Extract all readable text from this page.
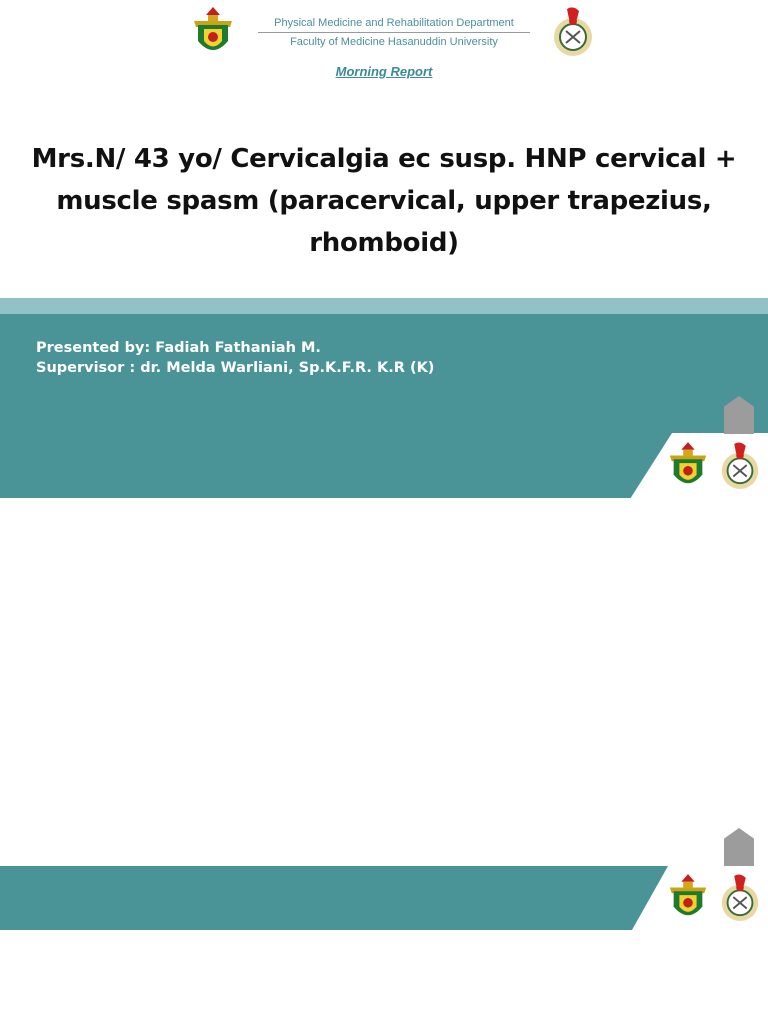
Physical Medicine and Rehabilitation Department
Faculty of Medicine Hasanuddin University
Morning Report
Mrs.N/ 43 yo/ Cervicalgia ec susp. HNP cervical + muscle spasm (paracervical, upper trapezius, rhomboid)
Presented by: Fadiah Fathaniah M.
Supervisor : dr. Melda Warliani, Sp.K.F.R. K.R (K)
